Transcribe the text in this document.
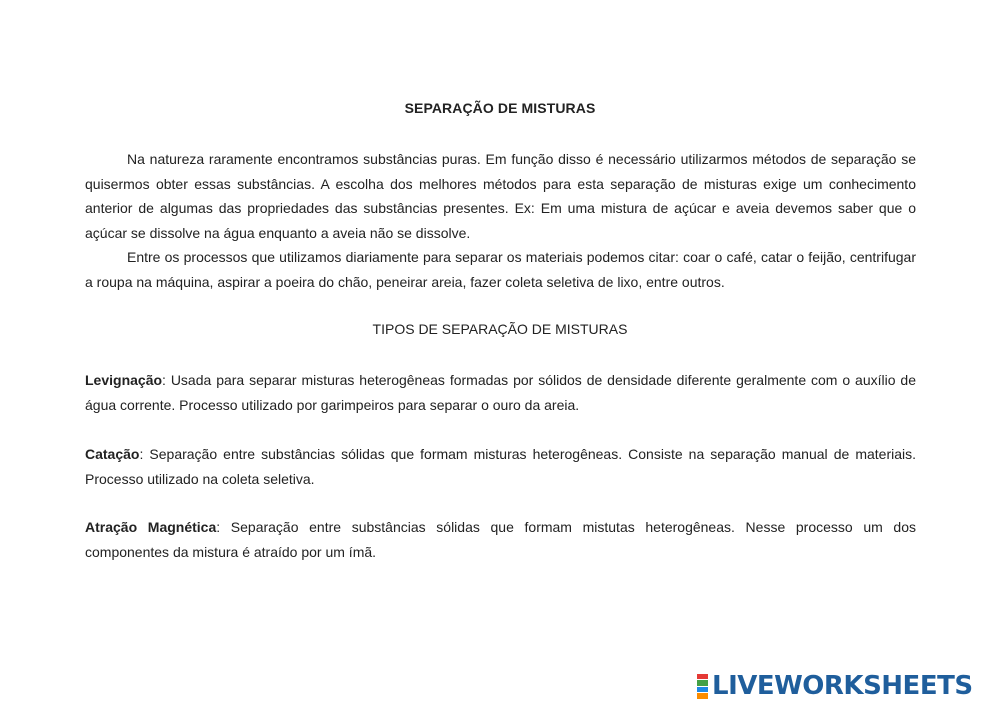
SEPARAÇÃO DE MISTURAS

Na natureza raramente encontramos substâncias puras. Em função disso é necessário utilizarmos métodos de separação se quisermos obter essas substâncias. A escolha dos melhores métodos para esta separação de misturas exige um conhecimento anterior de algumas das propriedades das substâncias presentes. Ex: Em uma mistura de açúcar e aveia devemos saber que o açúcar se dissolve na água enquanto a aveia não se dissolve.

Entre os processos que utilizamos diariamente para separar os materiais podemos citar: coar o café, catar o feijão, centrifugar a roupa na máquina, aspirar a poeira do chão, peneirar areia, fazer coleta seletiva de lixo, entre outros.

TIPOS DE SEPARAÇÃO DE MISTURAS

Levignação: Usada para separar misturas heterogêneas formadas por sólidos de densidade diferente geralmente com o auxílio de água corrente. Processo utilizado por garimpeiros para separar o ouro da areia.

Catação: Separação entre substâncias sólidas que formam misturas heterogêneas. Consiste na separação manual de materiais. Processo utilizado na coleta seletiva.

Atração Magnética: Separação entre substâncias sólidas que formam mistutas heterogêneas. Nesse processo um dos componentes da mistura é atraído por um ímã.

LIVEWORKSHEETS
